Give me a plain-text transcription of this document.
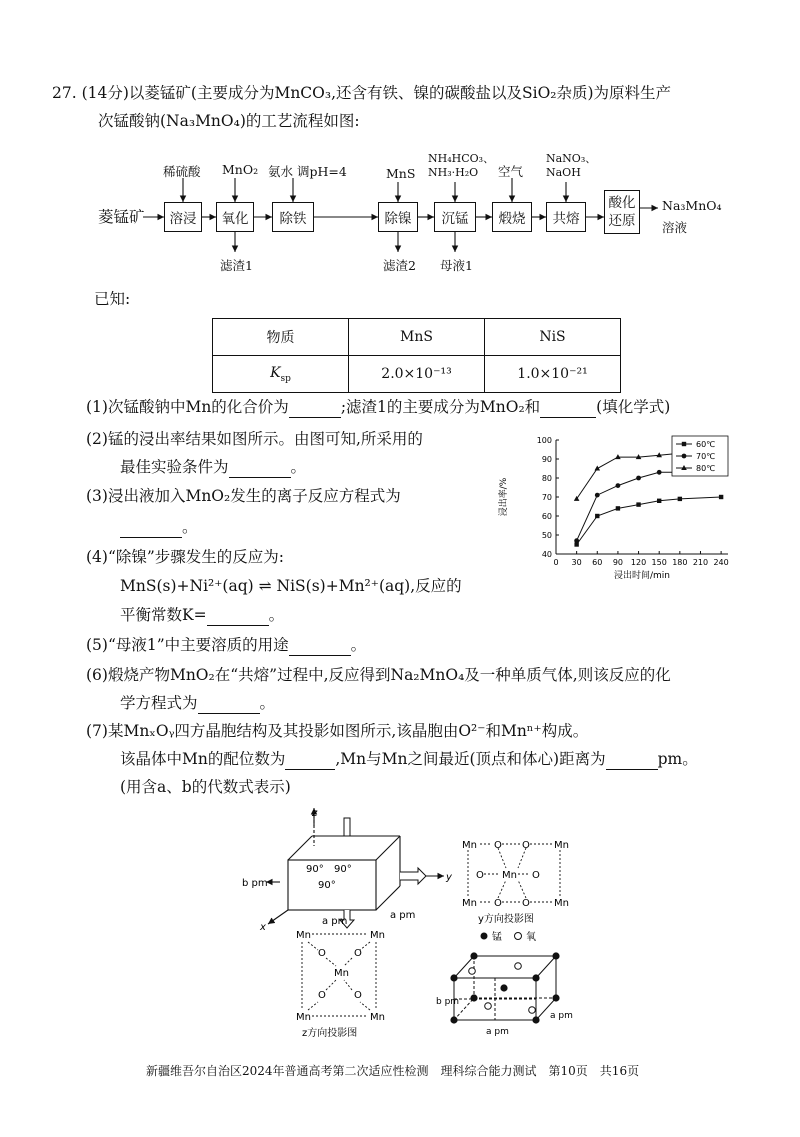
27. (14分)以菱锰矿(主要成分为MnCO₃,还含有铁、镍的碳酸盐以及SiO₂杂质)为原料生产
次锰酸钠(Na₃MnO₄)的工艺流程如图:
菱锰矿	溶浸	氧化	除铁	除镍	沉锰	煅烧	共熔
酸化
还原
Na₃MnO₄
溶液
稀硫酸 MnO₂ 氨水 调pH=4	MnS
NH₄HCO₃、
NH₃·H₂O 空气
NaNO₃、
NaOH
滤渣1	滤渣2 母液1
已知:
物质	MnS	NiS
$K_{sp}$	2.0×10⁻¹³	1.0×10⁻²¹
(1)次锰酸钠中Mn的化合价为	;滤渣1的主要成分为MnO₂和	(填化学式)
(2)锰的浸出率结果如图所示。由图可知,所采用的
最佳实验条件为	。
(3)浸出液加入MnO₂发生的离子反应方程式为
。
(4)“除镍”步骤发生的反应为:
MnS(s)+Ni²⁺(aq) ⇌ NiS(s)+Mn²⁺(aq),反应的
平衡常数K=	。
(5)“母液1”中主要溶质的用途	。
(6)煅烧产物MnO₂在“共熔”过程中,反应得到Na₂MnO₄及一种单质气体,则该反应的化
学方程式为	。
(7)某MnₓOᵧ四方晶胞结构及其投影如图所示,该晶胞由O²⁻和Mnⁿ⁺构成。
该晶体中Mn的配位数为	,Mn与Mn之间最近(顶点和体心)距离为	pm。
(用含a、b的代数式表示)
0 30 60 90 120 150 180 210 240
40
50
60
70
80
90
100
浸出时间/min
浸出率/%
60℃
70℃
80℃
90° 90°
90°
z
y
x
b pm
a pm
a pm
Mn O O Mn
O Mn O
Mn O O Mn
y方向投影图
Mn	Mn
O	O
Mn
O	O
Mn	Mn
z方向投影图
锰 氧
b pm
a pm
a pm
新疆维吾尔自治区2024年普通高考第二次适应性检测　理科综合能力测试　第10页　共16页
